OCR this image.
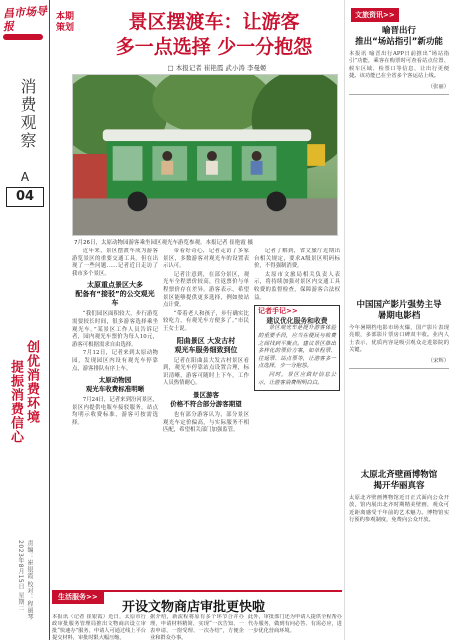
昌市场导
报
消费观察
A
04
创优消费环境
提振消费信心
责编：崔银霞 校对：程丽琴 2023年8月15日 星期二
本期策划	景区摆渡车：让游客
多一点选择 少一分抱怨
□ 本报记者 崔艳霞 武小涛 李曼姬
7月26日，太原动物园游客乘坐园区观光车游览参观。本报记者 崔艳霞 摄

近年来，景区摆渡车成为游客游览景区的重要交通工具。但在出现了一些问题……记者近日走访了我市多个景区。

太原重点景区大多
配备有“接驳”的公交观光车

“我们园区面积较大，步行游览需要较长时间，很多游客选择乘坐观光车。”某景区工作人员告诉记者，园内观光车票价为每人10元，游客可根据需求自由选择。

7月12日，记者来到太原动物园，发现园区内设有观光车停靠点，游客排队有序上车。

太原动物园
观光车收费标准明晰

7月24日，记者来到汾河景区，景区内提供电瓶车接驳服务，站点均明示收费标准，游客可按需选择。

带着好奇心，记者走访了多家景区，多数游客对观光车的设置表示认可。

记者注意到，在部分景区，观光车全程票价较高，往返票价与单程票价存在差异。游客表示，希望景区能够提供更多选择，例如按站点计费。

“带着老人和孩子，步行确实比较吃力，有观光车方便多了。”市民王女士说。

阳曲景区 大发古村
观光车服务细致到位

记者在阳曲县大发古村景区看到，观光车停靠站点设置合理，标识清晰，游客可随时上下车，工作人员热情耐心。

景区游客
价格不符合部分游客期望

也有部分游客认为，部分景区观光车定价偏高，与实际服务不相匹配，希望相关部门加强监管。

记者了解到，省文旅厅近期出台相关规定，要求A级景区明码标价，不得强制消费。

太原市文旅局相关负责人表示，将持续加强对景区内交通工具收费的监督检查，保障游客合法权益。

记者手记>>
建议优化服务和收费

景区观光车是提升游客体验的重要手段，应当在便民与收费之间找到平衡点。建议景区推出多样化的票价方案，如单程票、往返票、站点票等，让游客多一点选择，少一分抱怨。

同时，景区应做好信息公示，让游客消费明明白白。

生活服务>>
开设文物商店审批更快啦
本报讯（记者 崔银霞）近日，太原市行政审批服务管理局推出文物商店设立审批“快速办”服务，申请人可通过线上平台提交材料，审批时限大幅压缩。
据介绍，新流程将原有多个环节合并办理，申请材料精简，实现“一次告知、一表申请、一窗受理、一次办结”，方便企业和群众办事。
此外，审批部门还为申请人提供全程帮办代办服务，做到有问必答、有需必应，进一步优化营商环境。
文旅资讯>>
喻晋出行
推出“场站指引”新功能
本报讯 喻晋出行APP日前推出“场站指引”功能，乘客在购票时可查看站点位置、候车区域、检票口等信息，让出行更便捷。该功能已在全省多个客运站上线。
（张丽）
中国国产影片强势主导
暑期电影档
今年暑期档电影市场火爆，国产影片表现亮眼，多部影片票房口碑双丰收。业内人士表示，优质内容是吸引观众走进影院的关键。
（宋辉）
太原北斉壁画博物馆
揭开华丽真容
太原北齐壁画博物馆近日正式面向公众开放，馆内展出北齐时期精美壁画，观众可近距离感受千年前的艺术魅力。博物馆实行预约参观制度，免费向公众开放。
